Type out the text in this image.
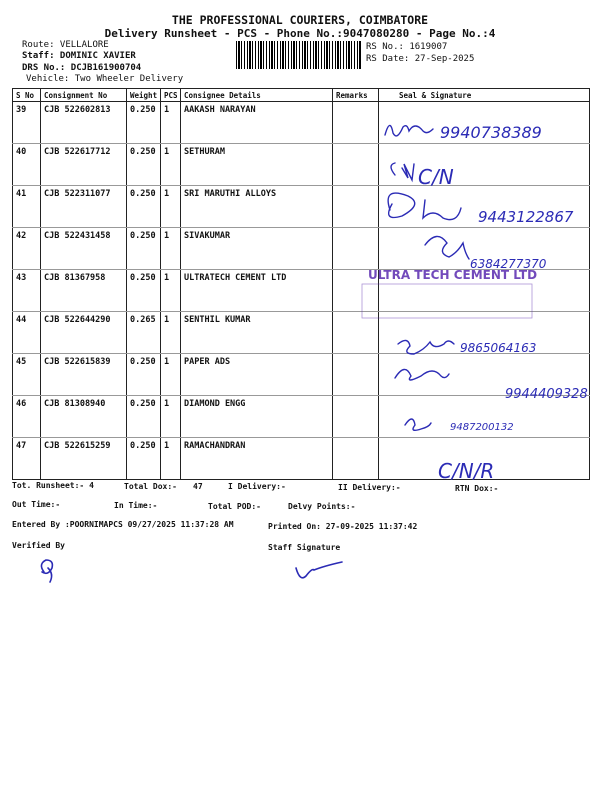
THE PROFESSIONAL COURIERS, COIMBATORE
Delivery Runsheet - PCS - Phone No.:9047080280 - Page No.:4
Route: VELLALORE
Staff: DOMINIC XAVIER
DRS No.: DCJB161900704
Vehicle: Two Wheeler Delivery
RS No.: 1619007
RS Date: 27-Sep-2025
S No	Consignment No	Weight	PCS	Consignee Details	Remarks	Seal & Signature
39	CJB 522602813	0.250	1	AAKASH NARAYAN		
40	CJB 522617712	0.250	1	SETHURAM		
41	CJB 522311077	0.250	1	SRI MARUTHI ALLOYS		
42	CJB 522431458	0.250	1	SIVAKUMAR		
43	CJB 81367958	0.250	1	ULTRATECH CEMENT LTD		
44	CJB 522644290	0.265	1	SENTHIL KUMAR		
45	CJB 522615839	0.250	1	PAPER ADS		
46	CJB 81308940	0.250	1	DIAMOND ENGG		
47	CJB 522615259	0.250	1	RAMACHANDRAN		
9940738389
C/N
9443122867
6384277370
9865064163
9944409328
9487200132
C/N/R
ULTRA TECH CEMENT LTD
Tot. Runsheet:- 4	Total Dox:- 47	I Delivery:-	II Delivery:-	RTN Dox:-
Out Time:-	In Time:-	Total POD:-	Delvy Points:-
Entered By :POORNIMAPCS 09/27/2025 11:37:28 AM	Printed On: 27-09-2025 11:37:42
Verified By	Staff Signature
